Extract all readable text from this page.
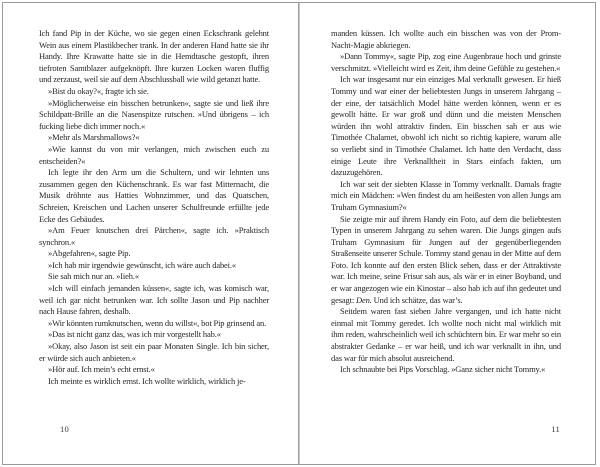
Ich fand Pip in der Küche, wo sie gegen einen Eckschrank gelehnt Wein aus einem Plastikbecher trank. In der anderen Hand hatte sie ihr Handy. Ihre Krawatte hatte sie in die Hemdtasche gestopft, ihren tiefroten Samtblazer aufgeknöpft. Ihre kurzen Locken waren fluffig und zerzaust, weil sie auf dem Abschlussball wie wild getanzt hatte.

»Bist du okay?«, fragte ich sie.

»Möglicherweise ein bisschen betrunken«, sagte sie und ließ ihre Schildpatt-Brille an die Nasenspitze rutschen. »Und übrigens – ich fucking liebe dich immer noch.«

»Mehr als Marshmallows?«

»Wie kannst du von mir verlangen, mich zwischen euch zu entscheiden?«

Ich legte ihr den Arm um die Schultern, und wir lehnten uns zusammen gegen den Küchenschrank. Es war fast Mitternacht, die Musik dröhnte aus Hatties Wohnzimmer, und das Quatschen, Schreien, Kreischen und Lachen unserer Schulfreunde erfüllte jede Ecke des Gebäudes.

»Am Feuer knutschen drei Pärchen«, sagte ich. »Praktisch synchron.«

»Abgefahren«, sagte Pip.

»Ich hab mir irgendwie gewünscht, ich wäre auch dabei.«

Sie sah mich nur an. »Iieh.«

»Ich will einfach jemanden küssen«, sagte ich, was komisch war, weil ich gar nicht betrunken war. Ich sollte Jason und Pip nachher nach Hause fahren, deshalb.

»Wir könnten rumknutschen, wenn du willst«, bot Pip grinsend an.

»Das ist nicht ganz das, was ich mir vorgestellt hab.«

»Okay, also Jason ist seit ein paar Monaten Single. Ich bin sicher, er würde sich auch anbieten.«

»Hör auf. Ich mein’s echt ernst.«

Ich meinte es wirklich ernst. Ich wollte wirklich, wirklich je-

10

manden küssen. Ich wollte auch ein bisschen was von der Prom-Nacht-Magie abkriegen.

»Dann Tommy«, sagte Pip, zog eine Augenbraue hoch und grinste verschmitzt. »Vielleicht wird es Zeit, ihm deine Gefühle zu gestehen.«

Ich war insgesamt nur ein einziges Mal verknallt gewesen. Er hieß Tommy und war einer der beliebtesten Jungs in unserem Jahrgang – der eine, der tatsächlich Model hätte werden können, wenn er es gewollt hätte. Er war groß und dünn und die meisten Menschen würden ihn wohl attraktiv finden. Ein bisschen sah er aus wie Timothée Chalamet, obwohl ich nicht so richtig kapiere, warum alle so verliebt sind in Timothée Chalamet. Ich hatte den Verdacht, dass einige Leute ihre Verknalltheit in Stars einfach fakten, um dazuzugehören.

Ich war seit der siebten Klasse in Tommy verknallt. Damals fragte mich ein Mädchen: »Wen findest du am heißesten von allen Jungs am Truham Gymnasium?«

Sie zeigte mir auf ihrem Handy ein Foto, auf dem die beliebtesten Typen in unserem Jahrgang zu sehen waren. Die Jungs gingen aufs Truham Gymnasium für Jungen auf der gegenüberliegenden Straßenseite unserer Schule. Tommy stand genau in der Mitte auf dem Foto. Ich konnte auf den ersten Blick sehen, dass er der Attraktivste war. Ich meine, seine Frisur sah aus, als wär er in einer Boyband, und er war angezogen wie ein Kinostar – also hab ich auf ihn gedeutet und gesagt: Den. Und ich schätze, das war’s.

Seitdem waren fast sieben Jahre vergangen, und ich hatte nicht einmal mit Tommy geredet. Ich wollte noch nicht mal wirklich mit ihm reden, wahrscheinlich weil ich schüchtern bin. Er war mehr so ein abstrakter Gedanke – er war heiß, und ich war verknallt in ihn, und das war für mich absolut ausreichend.

Ich schnaubte bei Pips Vorschlag. »Ganz sicher nicht Tommy.«

11
